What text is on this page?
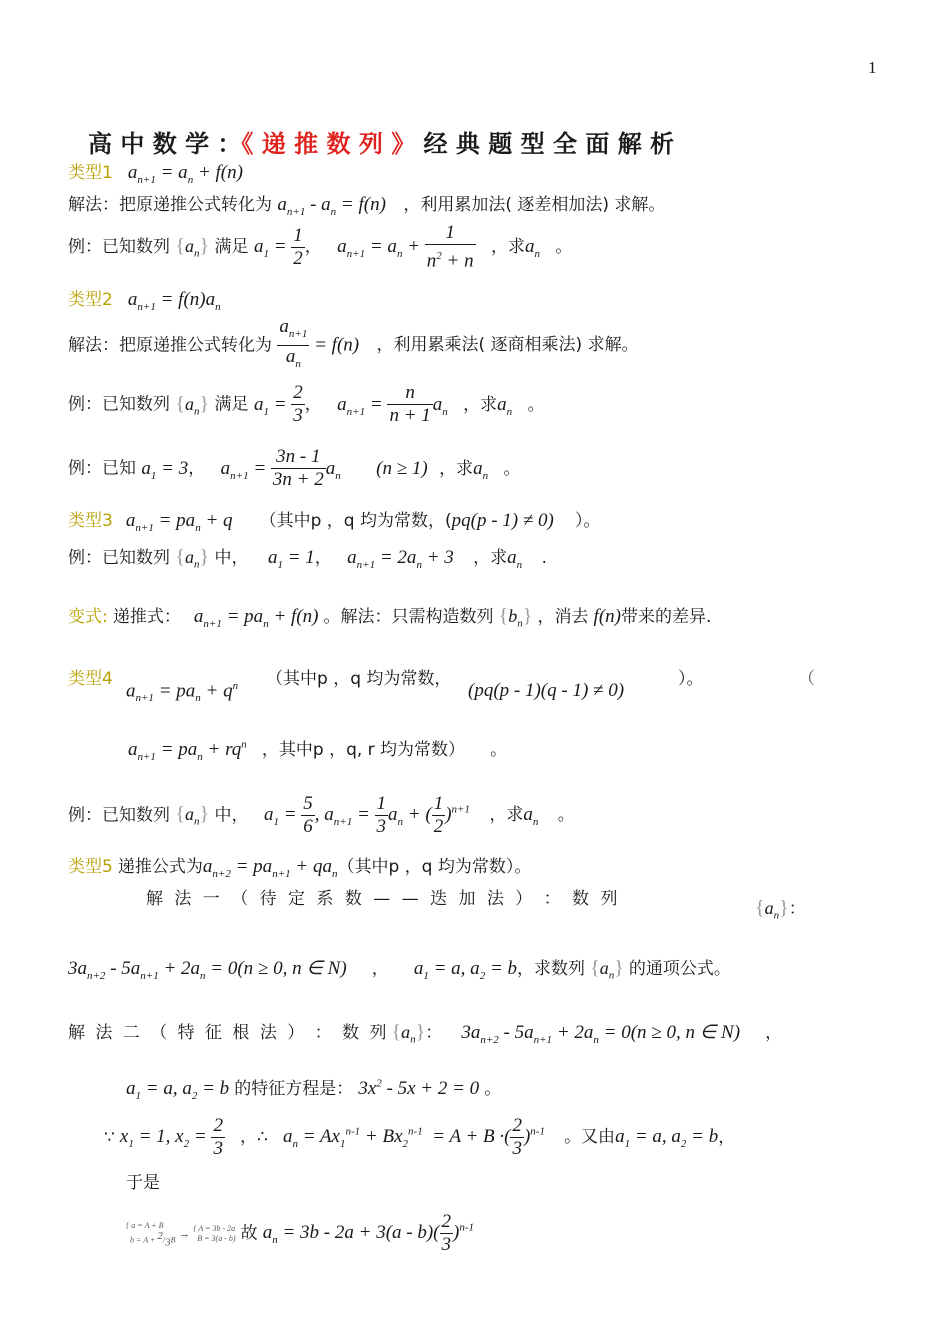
1
高 中 数 学 ：《 递 推 数 列 》 经 典 题 型 全 面 解 析
类型1 $a_{n+1} = a_n + f(n)$
解法：把原递推公式转化为 $a_{n+1} - a_n = f(n)$ ，利用累加法( 逐差相加法) 求解。
例：已知数列 $\{a_n\}$ 满足 $a_1 = \frac{1}{2}$ ， $a_{n+1} = a_n + \frac{1}{n^2 + n}$ ，求$a_n$ 。
类型2 $a_{n+1} = f(n)a_n$
解法：把原递推公式转化为 $\frac{a_{n+1}}{a_n} = f(n)$ ，利用累乘法( 逐商相乘法) 求解。
例：已知数列 $\{a_n\}$ 满足 $a_1 = \frac{2}{3}$ ， $a_{n+1} = \frac{n}{n + 1} a_n$ ，求$a_n$ 。
例：已知 $a_1 = 3$， $a_{n+1} = \frac{3n - 1}{3n + 2} a_n$ (n ≥ 1) ，求$a_n$ 。
类型3 $a_{n+1} = pa_n + q$ （其中p ，q 均为常数，(pq(p - 1) ≠ 0) ）。
例：已知数列 $\{a_n\}$ 中， $a_1 = 1$， $a_{n+1} = 2a_n + 3$ ，求$a_n$ .
变式: 递推式： $a_{n+1} = pa_n + f(n)$ 。解法：只需构造数列 $\{b_n\}$ ，消去 f(n)带来的差异.
类型4
$a_{n+1} = pa_n + q^n$ （其中p ，q 均为常数，
(pq(p - 1)(q - 1) ≠ 0)
）。	（
$a_{n+1} = pa_n + rq^n$ ，其中p ，q, r 均为常数） 。
例：已知数列 $\{a_n\}$ 中， $a_1 = \frac{5}{6}$ , $a_{n+1} = \frac{1}{3} a_n$ + ( $\frac{1}{2} )^{n+1}$ ，求$a_n$ 。
类型5 递推公式为$a_{n+2} = pa_{n+1} + qa_n$（其中p ，q 均为常数）。
解 法 一 （ 待 定 系 数 — — 迭 加 法 ） ： 数 列	$\{a_n\}$：
$3a_{n+2} - 5a_{n+1} + 2a_n = 0(n \ge 0$, n ∈ N) ， $a_1 = a$, $a_2 = b$，求数列 $\{a_n\}$ 的通项公式。
解 法 二 （ 特 征 根 法 ） ： 数 列 $\{a_n\}$： $3a_{n+2} - 5a_{n+1} + 2a_n = 0(n \ge 0$, n ∈ N) ，
$a_1 = a$, $a_2 = b$ 的特征方程是： $3x^2 - 5x + 2 = 0$ 。
∵ $x_1 = 1$, $x_2 = \frac{2}{3}$ ，∴ $a_n = Ax_1^{n-1} + Bx_2^{n-1} = A + B$ ·( $\frac{2}{3} )^{n-1}$ 。又由$a_1 = a$, $a_2 = b$，
于是
{ a = A + B
$b = A + ^2/_3B$ → { A = 3b - 2a
B = 3(a - b) 故 $a_n = 3b - 2a + 3(a - b)( \frac{2}{3} )^{n-1}$
